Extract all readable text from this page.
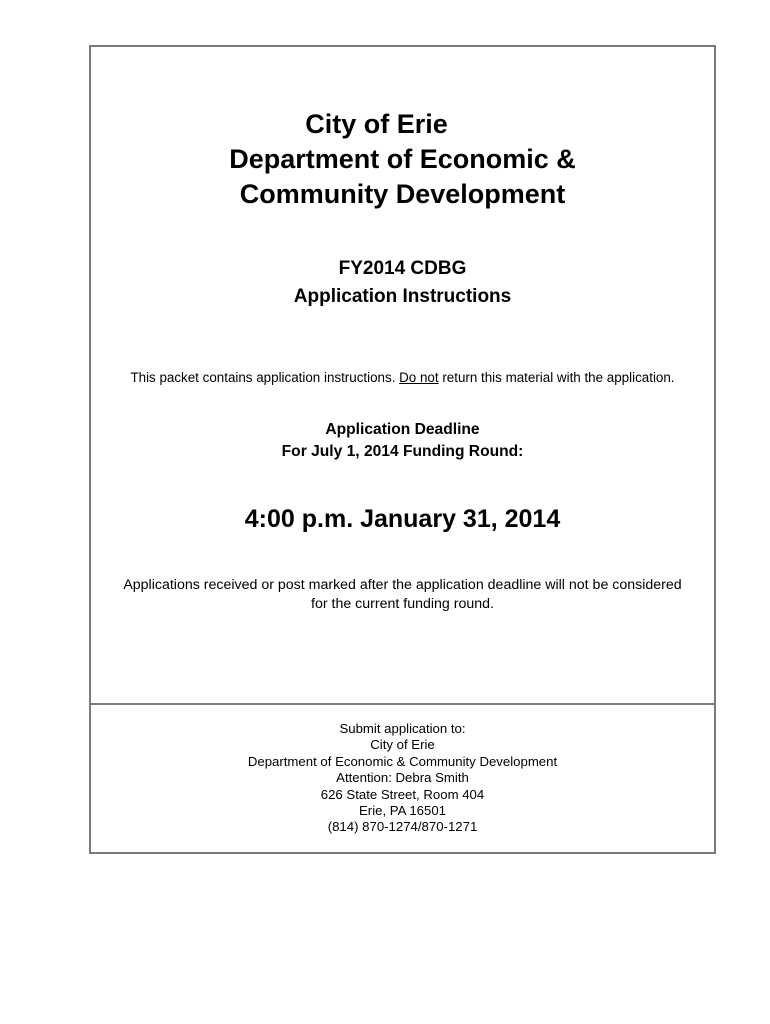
City of Erie
Department of Economic &
Community Development
FY2014 CDBG
Application Instructions
This packet contains application instructions. Do not return this material with the application.
Application Deadline
For July 1, 2014 Funding Round:
4:00 p.m. January 31, 2014
Applications received or post marked after the application deadline will not be considered
for the current funding round.
Submit application to:
City of Erie
Department of Economic & Community Development
Attention: Debra Smith
626 State Street, Room 404
Erie, PA 16501
(814) 870-1274/870-1271
